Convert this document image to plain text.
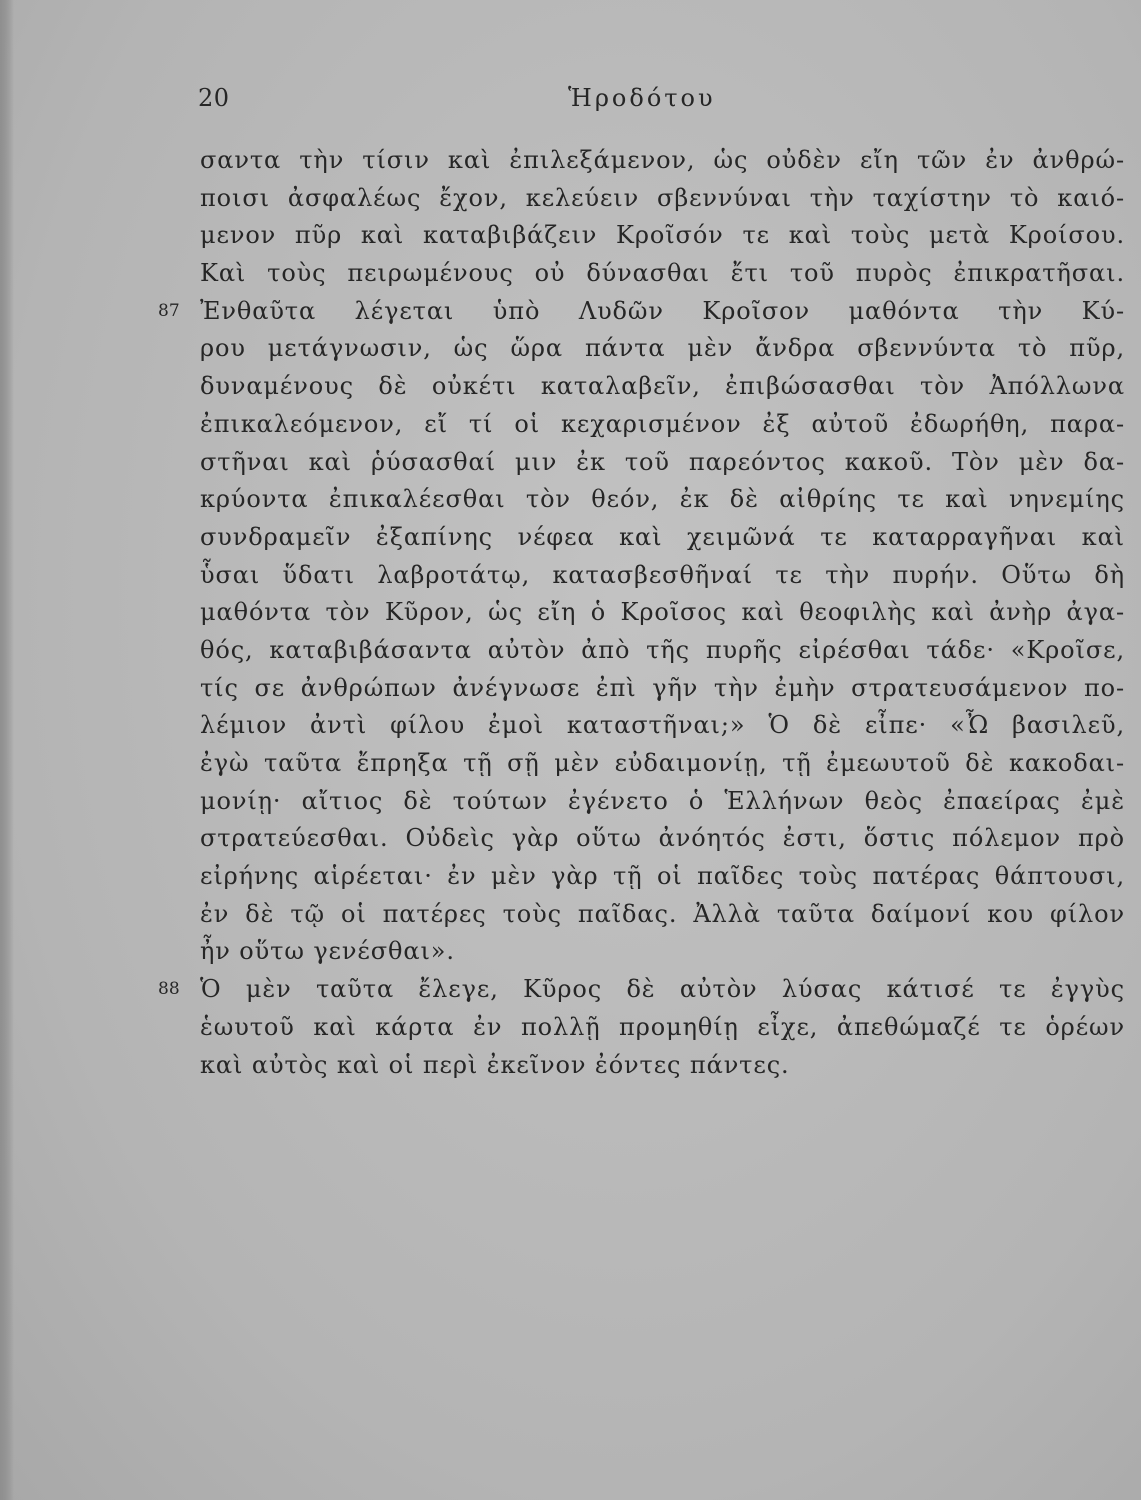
20	Ἡροδότου
σαντα τὴν τίσιν καὶ ἐπιλεξάμενον, ὡς οὐδὲν εἴη τῶν ἐν ἀνθρώ-
ποισι ἀσφαλέως ἔχον, κελεύειν σβεννύναι τὴν ταχίστην τὸ καιό-
μενον πῦρ καὶ καταβιβάζειν Κροῖσόν τε καὶ τοὺς μετὰ Κροίσου.
Καὶ τοὺς πειρωμένους οὐ δύνασθαι ἔτι τοῦ πυρὸς ἐπικρατῆσαι.
87 Ἐνθαῦτα λέγεται ὑπὸ Λυδῶν Κροῖσον μαθόντα τὴν Κύ-
ρου μετάγνωσιν, ὡς ὥρα πάντα μὲν ἄνδρα σβεννύντα τὸ πῦρ,
δυναμένους δὲ οὐκέτι καταλαβεῖν, ἐπιβώσασθαι τὸν Ἀπόλλωνα
ἐπικαλεόμενον, εἴ τί οἱ κεχαρισμένον ἐξ αὐτοῦ ἐδωρήθη, παρα-
στῆναι καὶ ῥύσασθαί μιν ἐκ τοῦ παρεόντος κακοῦ. Τὸν μὲν δα-
κρύοντα ἐπικαλέεσθαι τὸν θεόν, ἐκ δὲ αἰθρίης τε καὶ νηνεμίης
συνδραμεῖν ἐξαπίνης νέφεα καὶ χειμῶνά τε καταρραγῆναι καὶ
ὗσαι ὕδατι λαβροτάτῳ, κατασβεσθῆναί τε τὴν πυρήν. Οὕτω δὴ
μαθόντα τὸν Κῦρον, ὡς εἴη ὁ Κροῖσος καὶ θεοφιλὴς καὶ ἀνὴρ ἀγα-
θός, καταβιβάσαντα αὐτὸν ἀπὸ τῆς πυρῆς εἰρέσθαι τάδε· «Κροῖσε,
τίς σε ἀνθρώπων ἀνέγνωσε ἐπὶ γῆν τὴν ἐμὴν στρατευσάμενον πο-
λέμιον ἀντὶ φίλου ἐμοὶ καταστῆναι;» Ὁ δὲ εἶπε· «Ὦ βασιλεῦ,
ἐγὼ ταῦτα ἔπρηξα τῇ σῇ μὲν εὐδαιμονίῃ, τῇ ἐμεωυτοῦ δὲ κακοδαι-
μονίῃ· αἴτιος δὲ τούτων ἐγένετο ὁ Ἑλλήνων θεὸς ἐπαείρας ἐμὲ
στρατεύεσθαι. Οὐδεὶς γὰρ οὕτω ἀνόητός ἐστι, ὅστις πόλεμον πρὸ
εἰρήνης αἱρέεται· ἐν μὲν γὰρ τῇ οἱ παῖδες τοὺς πατέρας θάπτουσι,
ἐν δὲ τῷ οἱ πατέρες τοὺς παῖδας. Ἀλλὰ ταῦτα δαίμονί κου φίλον
ἦν οὕτω γενέσθαι».
88 Ὁ μὲν ταῦτα ἔλεγε, Κῦρος δὲ αὐτὸν λύσας κάτισέ τε ἐγγὺς
ἑωυτοῦ καὶ κάρτα ἐν πολλῇ προμηθίῃ εἶχε, ἀπεθώμαζέ τε ὁρέων
καὶ αὐτὸς καὶ οἱ περὶ ἐκεῖνον ἐόντες πάντες.
